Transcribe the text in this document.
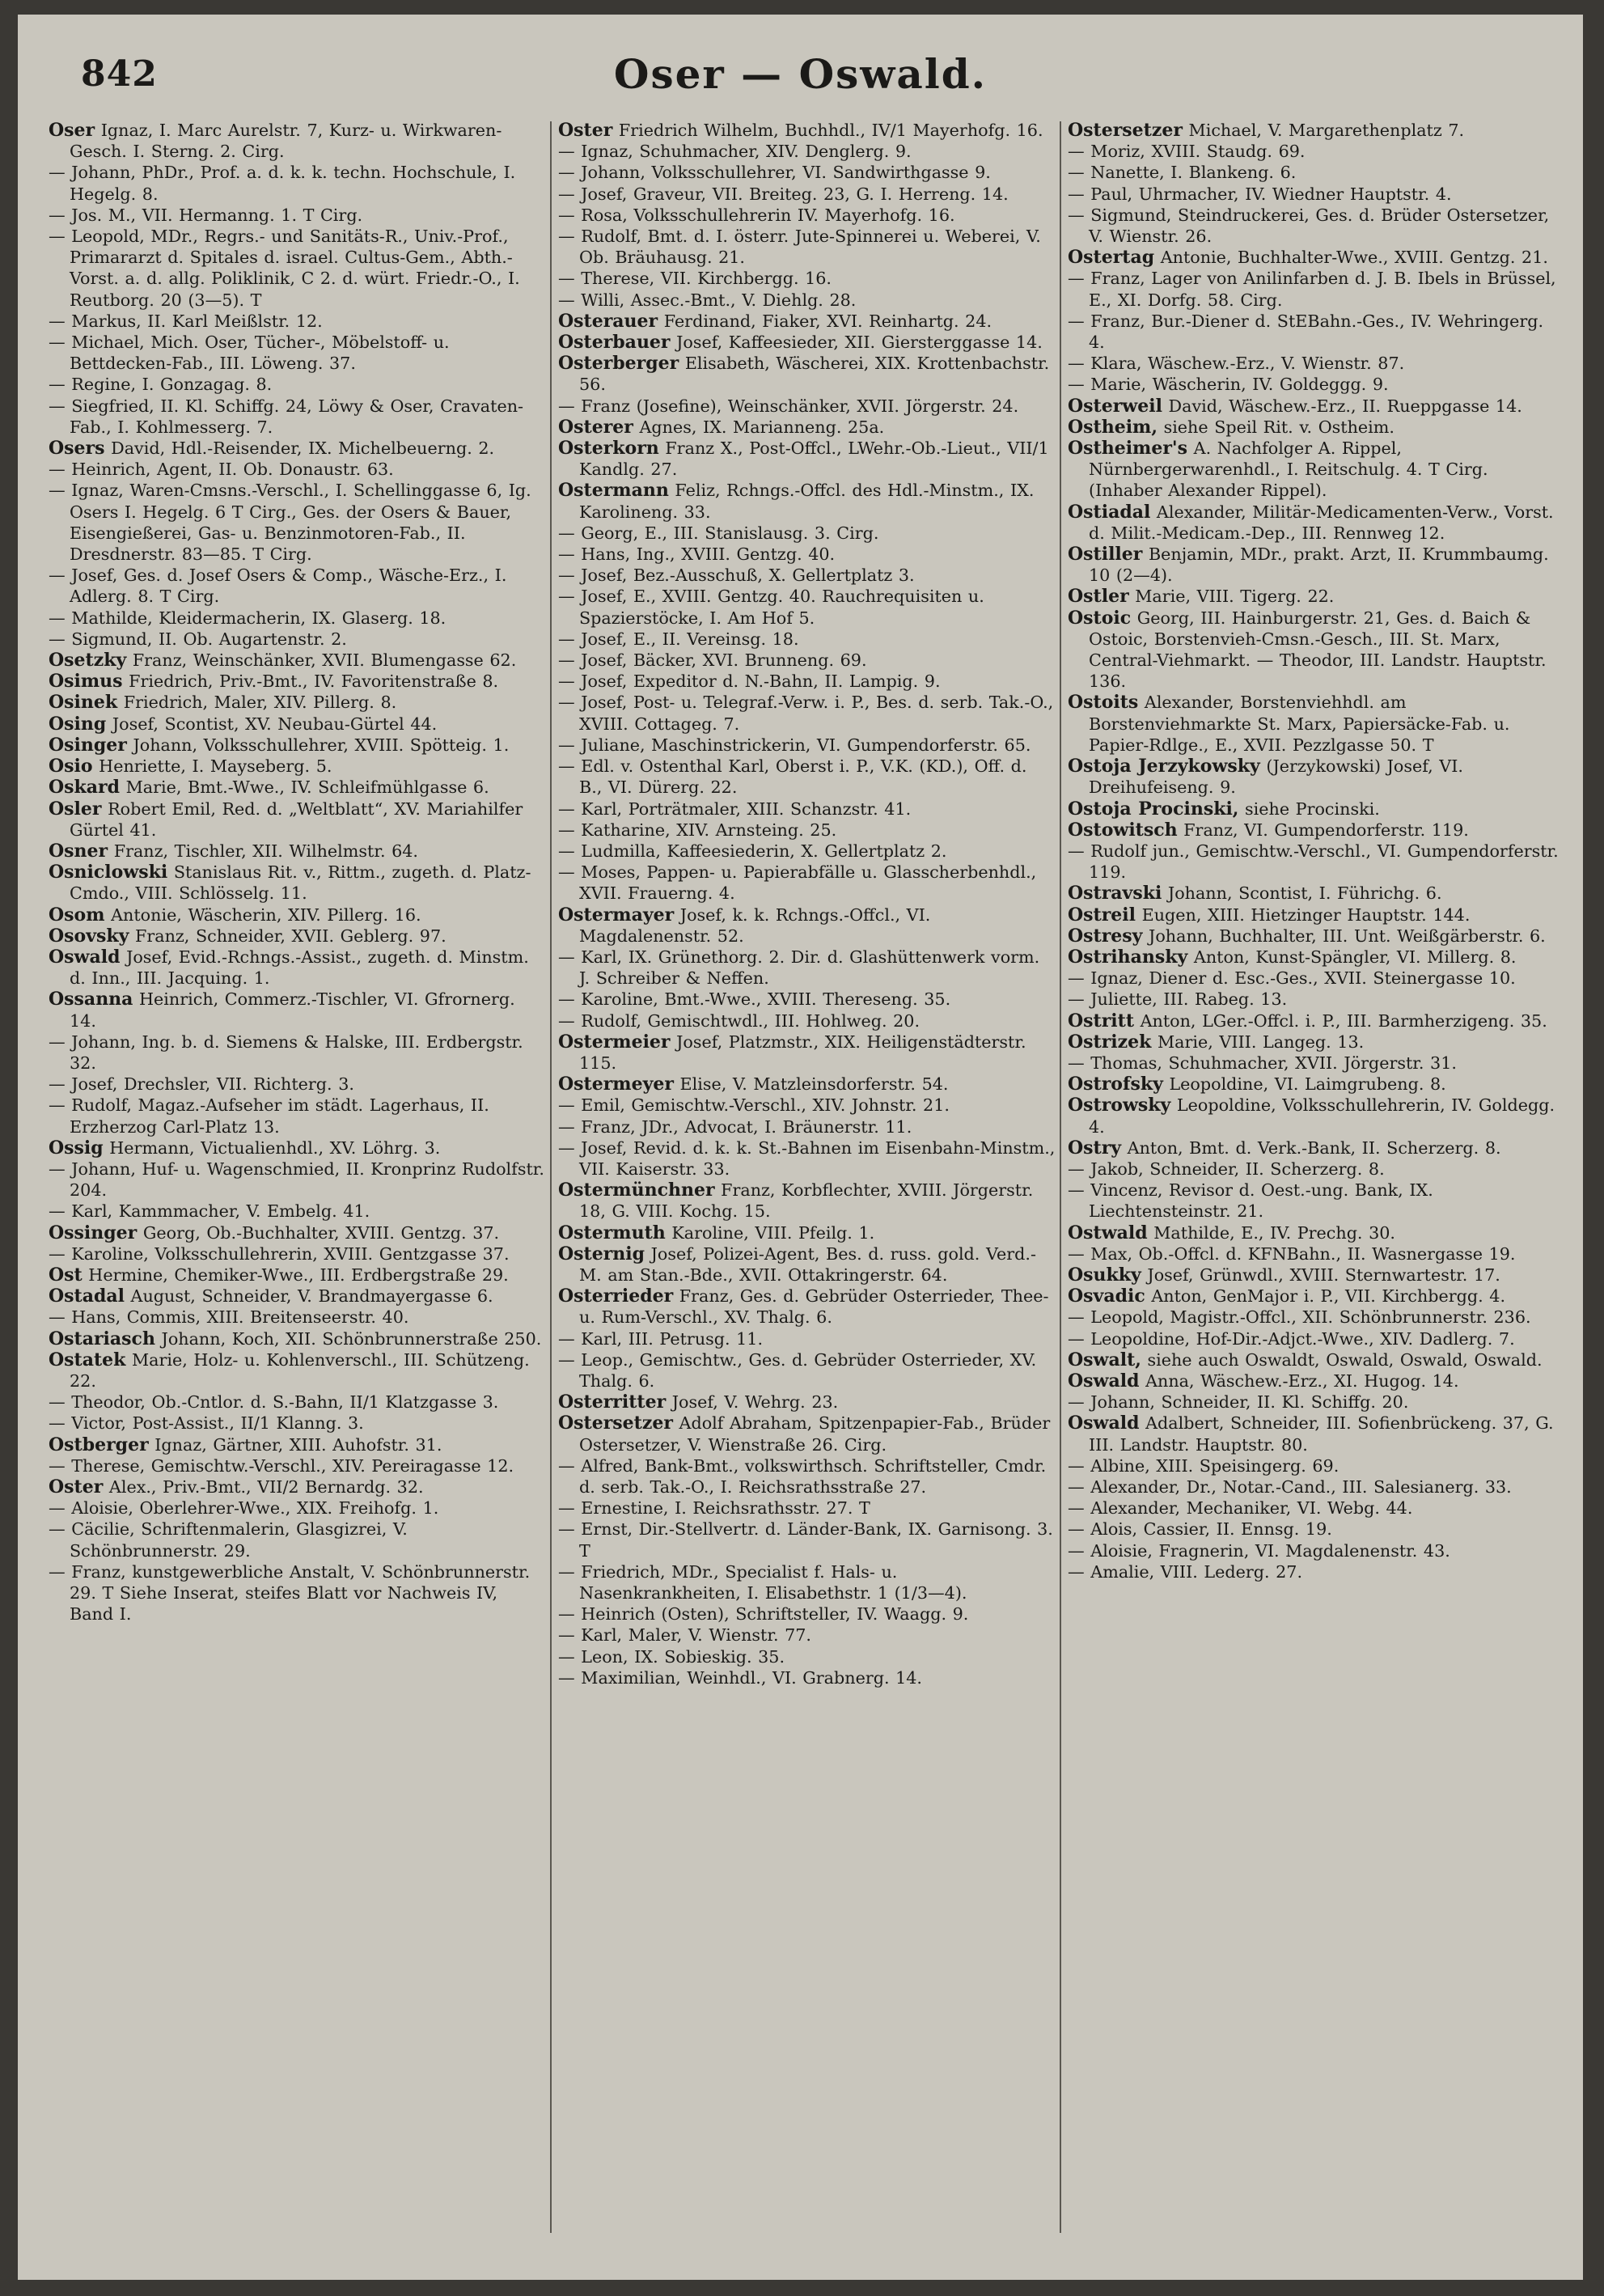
842	Oser — Oswald.

Oser Ignaz, I. Marc Aurelstr. 7, Kurz- u. Wirkwaren-Gesch. I. Sterng. 2. Cirg.

— Johann, PhDr., Prof. a. d. k. k. techn. Hochschule, I. Hegelg. 8.

— Jos. M., VII. Hermanng. 1. T Cirg.

— Leopold, MDr., Regrs.- und Sanitäts-R., Univ.-Prof., Primararzt d. Spitales d. israel. Cultus-Gem., Abth.-Vorst. a. d. allg. Poliklinik, C 2. d. würt. Friedr.-O., I. Reutborg. 20 (3—5). T

— Markus, II. Karl Meißlstr. 12.

— Michael, Mich. Oser, Tücher-, Möbelstoff- u. Bettdecken-Fab., III. Löweng. 37.

— Regine, I. Gonzagag. 8.

— Siegfried, II. Kl. Schiffg. 24, Löwy & Oser, Cravaten-Fab., I. Kohlmesserg. 7.

Osers David, Hdl.-Reisender, IX. Michelbeuerng. 2.

— Heinrich, Agent, II. Ob. Donaustr. 63.

— Ignaz, Waren-Cmsns.-Verschl., I. Schellinggasse 6, Ig. Osers I. Hegelg. 6 T Cirg., Ges. der Osers & Bauer, Eisengießerei, Gas- u. Benzinmotoren-Fab., II. Dresdnerstr. 83—85. T Cirg.

— Josef, Ges. d. Josef Osers & Comp., Wäsche-Erz., I. Adlerg. 8. T Cirg.

— Mathilde, Kleidermacherin, IX. Glaserg. 18.

— Sigmund, II. Ob. Augartenstr. 2.

Osetzky Franz, Weinschänker, XVII. Blumengasse 62.

Osimus Friedrich, Priv.-Bmt., IV. Favoritenstraße 8.

Osinek Friedrich, Maler, XIV. Pillerg. 8.

Osing Josef, Scontist, XV. Neubau-Gürtel 44.

Osinger Johann, Volksschullehrer, XVIII. Spötteig. 1.

Osio Henriette, I. Mayseberg. 5.

Oskard Marie, Bmt.-Wwe., IV. Schleifmühlgasse 6.

Osler Robert Emil, Red. d. „Weltblatt“, XV. Mariahilfer Gürtel 41.

Osner Franz, Tischler, XII. Wilhelmstr. 64.

Osniclowski Stanislaus Rit. v., Rittm., zugeth. d. Platz-Cmdo., VIII. Schlösselg. 11.

Osom Antonie, Wäscherin, XIV. Pillerg. 16.

Osovsky Franz, Schneider, XVII. Geblerg. 97.

Oswald Josef, Evid.-Rchngs.-Assist., zugeth. d. Minstm. d. Inn., III. Jacquing. 1.

Ossanna Heinrich, Commerz.-Tischler, VI. Gfrornerg. 14.

— Johann, Ing. b. d. Siemens & Halske, III. Erdbergstr. 32.

— Josef, Drechsler, VII. Richterg. 3.

— Rudolf, Magaz.-Aufseher im städt. Lagerhaus, II. Erzherzog Carl-Platz 13.

Ossig Hermann, Victualienhdl., XV. Löhrg. 3.

— Johann, Huf- u. Wagenschmied, II. Kronprinz Rudolfstr. 204.

— Karl, Kammmacher, V. Embelg. 41.

Ossinger Georg, Ob.-Buchhalter, XVIII. Gentzg. 37.

— Karoline, Volksschullehrerin, XVIII. Gentzgasse 37.

Ost Hermine, Chemiker-Wwe., III. Erdbergstraße 29.

Ostadal August, Schneider, V. Brandmayergasse 6.

— Hans, Commis, XIII. Breitenseerstr. 40.

Ostariasch Johann, Koch, XII. Schönbrunnerstraße 250.

Ostatek Marie, Holz- u. Kohlenverschl., III. Schützeng. 22.

— Theodor, Ob.-Cntlor. d. S.-Bahn, II/1 Klatzgasse 3.

— Victor, Post-Assist., II/1 Klanng. 3.

Ostberger Ignaz, Gärtner, XIII. Auhofstr. 31.

— Therese, Gemischtw.-Verschl., XIV. Pereiragasse 12.

Oster Alex., Priv.-Bmt., VII/2 Bernardg. 32.

— Aloisie, Oberlehrer-Wwe., XIX. Freihofg. 1.

— Cäcilie, Schriftenmalerin, Glasgizrei, V. Schönbrunnerstr. 29.

— Franz, kunstgewerbliche Anstalt, V. Schönbrunnerstr. 29. T Siehe Inserat, steifes Blatt vor Nachweis IV, Band I.

Oster Friedrich Wilhelm, Buchhdl., IV/1 Mayerhofg. 16.

— Ignaz, Schuhmacher, XIV. Denglerg. 9.

— Johann, Volksschullehrer, VI. Sandwirthgasse 9.

— Josef, Graveur, VII. Breiteg. 23, G. I. Herreng. 14.

— Rosa, Volksschullehrerin IV. Mayerhofg. 16.

— Rudolf, Bmt. d. I. österr. Jute-Spinnerei u. Weberei, V. Ob. Bräuhausg. 21.

— Therese, VII. Kirchbergg. 16.

— Willi, Assec.-Bmt., V. Diehlg. 28.

Osterauer Ferdinand, Fiaker, XVI. Reinhartg. 24.

Osterbauer Josef, Kaffeesieder, XII. Giersterggasse 14.

Osterberger Elisabeth, Wäscherei, XIX. Krottenbachstr. 56.

— Franz (Josefine), Weinschänker, XVII. Jörgerstr. 24.

Osterer Agnes, IX. Marianneng. 25a.

Osterkorn Franz X., Post-Offcl., LWehr.-Ob.-Lieut., VII/1 Kandlg. 27.

Ostermann Feliz, Rchngs.-Offcl. des Hdl.-Minstm., IX. Karolineng. 33.

— Georg, E., III. Stanislausg. 3. Cirg.

— Hans, Ing., XVIII. Gentzg. 40.

— Josef, Bez.-Ausschuß, X. Gellertplatz 3.

— Josef, E., XVIII. Gentzg. 40. Rauchrequisiten u. Spazierstöcke, I. Am Hof 5.

— Josef, E., II. Vereinsg. 18.

— Josef, Bäcker, XVI. Brunneng. 69.

— Josef, Expeditor d. N.-Bahn, II. Lampig. 9.

— Josef, Post- u. Telegraf.-Verw. i. P., Bes. d. serb. Tak.-O., XVIII. Cottageg. 7.

— Juliane, Maschinstrickerin, VI. Gumpendorferstr. 65.

— Edl. v. Ostenthal Karl, Oberst i. P., V.K. (KD.), Off. d. B., VI. Dürerg. 22.

— Karl, Porträtmaler, XIII. Schanzstr. 41.

— Katharine, XIV. Arnsteing. 25.

— Ludmilla, Kaffeesiederin, X. Gellertplatz 2.

— Moses, Pappen- u. Papierabfälle u. Glasscherbenhdl., XVII. Frauerng. 4.

Ostermayer Josef, k. k. Rchngs.-Offcl., VI. Magdalenenstr. 52.

— Karl, IX. Grünethorg. 2. Dir. d. Glashüttenwerk vorm. J. Schreiber & Neffen.

— Karoline, Bmt.-Wwe., XVIII. Thereseng. 35.

— Rudolf, Gemischtwdl., III. Hohlweg. 20.

Ostermeier Josef, Platzmstr., XIX. Heiligenstädterstr. 115.

Ostermeyer Elise, V. Matzleinsdorferstr. 54.

— Emil, Gemischtw.-Verschl., XIV. Johnstr. 21.

— Franz, JDr., Advocat, I. Bräunerstr. 11.

— Josef, Revid. d. k. k. St.-Bahnen im Eisenbahn-Minstm., VII. Kaiserstr. 33.

Ostermünchner Franz, Korbflechter, XVIII. Jörgerstr. 18, G. VIII. Kochg. 15.

Ostermuth Karoline, VIII. Pfeilg. 1.

Osternig Josef, Polizei-Agent, Bes. d. russ. gold. Verd.-M. am Stan.-Bde., XVII. Ottakringerstr. 64.

Osterrieder Franz, Ges. d. Gebrüder Osterrieder, Thee- u. Rum-Verschl., XV. Thalg. 6.

— Karl, III. Petrusg. 11.

— Leop., Gemischtw., Ges. d. Gebrüder Osterrieder, XV. Thalg. 6.

Osterritter Josef, V. Wehrg. 23.

Ostersetzer Adolf Abraham, Spitzenpapier-Fab., Brüder Ostersetzer, V. Wienstraße 26. Cirg.

— Alfred, Bank-Bmt., volkswirthsch. Schriftsteller, Cmdr. d. serb. Tak.-O., I. Reichsrathsstraße 27.

— Ernestine, I. Reichsrathsstr. 27. T

— Ernst, Dir.-Stellvertr. d. Länder-Bank, IX. Garnisong. 3. T

— Friedrich, MDr., Specialist f. Hals- u. Nasenkrankheiten, I. Elisabethstr. 1 (1/3—4).

— Heinrich (Osten), Schriftsteller, IV. Waagg. 9.

— Karl, Maler, V. Wienstr. 77.

— Leon, IX. Sobieskig. 35.

— Maximilian, Weinhdl., VI. Grabnerg. 14.

Ostersetzer Michael, V. Margarethenplatz 7.

— Moriz, XVIII. Staudg. 69.

— Nanette, I. Blankeng. 6.

— Paul, Uhrmacher, IV. Wiedner Hauptstr. 4.

— Sigmund, Steindruckerei, Ges. d. Brüder Ostersetzer, V. Wienstr. 26.

Ostertag Antonie, Buchhalter-Wwe., XVIII. Gentzg. 21.

— Franz, Lager von Anilinfarben d. J. B. Ibels in Brüssel, E., XI. Dorfg. 58. Cirg.

— Franz, Bur.-Diener d. StEBahn.-Ges., IV. Wehringerg. 4.

— Klara, Wäschew.-Erz., V. Wienstr. 87.

— Marie, Wäscherin, IV. Goldeggg. 9.

Osterweil David, Wäschew.-Erz., II. Rueppgasse 14.

Ostheim, siehe Speil Rit. v. Ostheim.

Ostheimer's A. Nachfolger A. Rippel, Nürnbergerwarenhdl., I. Reitschulg. 4. T Cirg. (Inhaber Alexander Rippel).

Ostiadal Alexander, Militär-Medicamenten-Verw., Vorst. d. Milit.-Medicam.-Dep., III. Rennweg 12.

Ostiller Benjamin, MDr., prakt. Arzt, II. Krummbaumg. 10 (2—4).

Ostler Marie, VIII. Tigerg. 22.

Ostoic Georg, III. Hainburgerstr. 21, Ges. d. Baich & Ostoic, Borstenvieh-Cmsn.-Gesch., III. St. Marx, Central-Viehmarkt. — Theodor, III. Landstr. Hauptstr. 136.

Ostoits Alexander, Borstenviehhdl. am Borstenviehmarkte St. Marx, Papiersäcke-Fab. u. Papier-Rdlge., E., XVII. Pezzlgasse 50. T

Ostoja Jerzykowsky (Jerzykowski) Josef, VI. Dreihufeiseng. 9.

Ostoja Procinski, siehe Procinski.

Ostowitsch Franz, VI. Gumpendorferstr. 119.

— Rudolf jun., Gemischtw.-Verschl., VI. Gumpendorferstr. 119.

Ostravski Johann, Scontist, I. Führichg. 6.

Ostreil Eugen, XIII. Hietzinger Hauptstr. 144.

Ostresy Johann, Buchhalter, III. Unt. Weißgärberstr. 6.

Ostrihansky Anton, Kunst-Spängler, VI. Millerg. 8.

— Ignaz, Diener d. Esc.-Ges., XVII. Steinergasse 10.

— Juliette, III. Rabeg. 13.

Ostritt Anton, LGer.-Offcl. i. P., III. Barmherzigeng. 35.

Ostrizek Marie, VIII. Langeg. 13.

— Thomas, Schuhmacher, XVII. Jörgerstr. 31.

Ostrofsky Leopoldine, VI. Laimgrubeng. 8.

Ostrowsky Leopoldine, Volksschullehrerin, IV. Goldegg. 4.

Ostry Anton, Bmt. d. Verk.-Bank, II. Scherzerg. 8.

— Jakob, Schneider, II. Scherzerg. 8.

— Vincenz, Revisor d. Oest.-ung. Bank, IX. Liechtensteinstr. 21.

Ostwald Mathilde, E., IV. Prechg. 30.

— Max, Ob.-Offcl. d. KFNBahn., II. Wasnergasse 19.

Osukky Josef, Grünwdl., XVIII. Sternwartestr. 17.

Osvadic Anton, GenMajor i. P., VII. Kirchbergg. 4.

— Leopold, Magistr.-Offcl., XII. Schönbrunnerstr. 236.

— Leopoldine, Hof-Dir.-Adjct.-Wwe., XIV. Dadlerg. 7.

Oswalt, siehe auch Oswaldt, Oswald, Oswald, Oswald.

Oswald Anna, Wäschew.-Erz., XI. Hugog. 14.

— Johann, Schneider, II. Kl. Schiffg. 20.

Oswald Adalbert, Schneider, III. Sofienbrückeng. 37, G. III. Landstr. Hauptstr. 80.

— Albine, XIII. Speisingerg. 69.

— Alexander, Dr., Notar.-Cand., III. Salesianerg. 33.

— Alexander, Mechaniker, VI. Webg. 44.

— Alois, Cassier, II. Ennsg. 19.

— Aloisie, Fragnerin, VI. Magdalenenstr. 43.

— Amalie, VIII. Lederg. 27.
